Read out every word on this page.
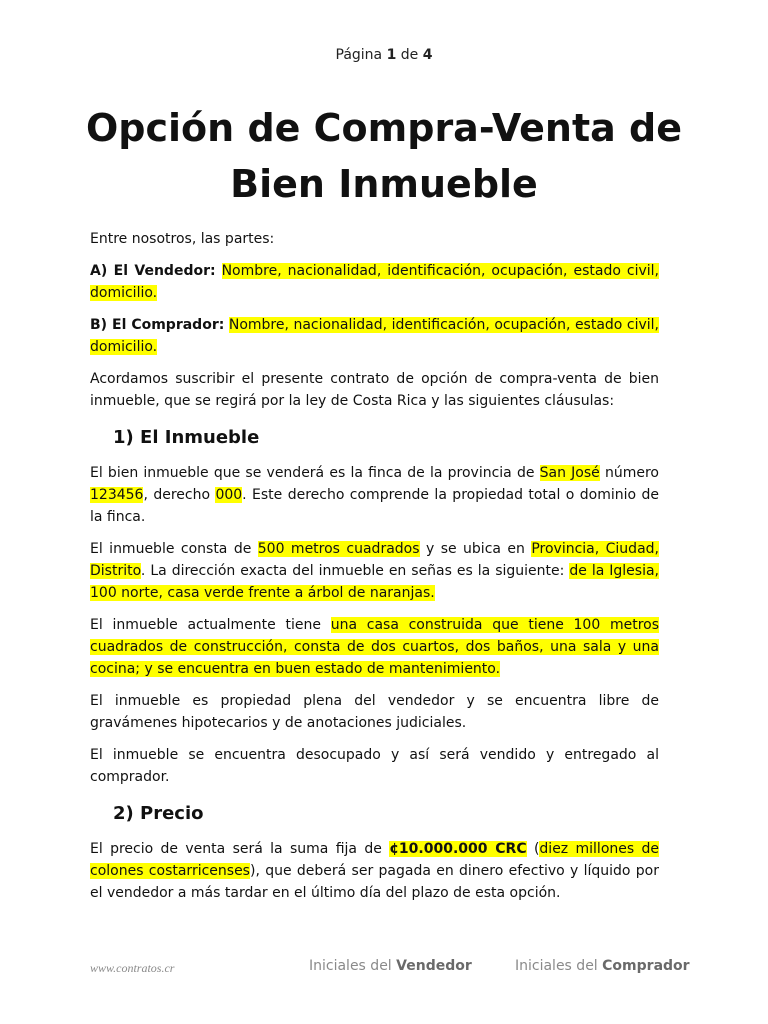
Página 1 de 4
Opción de Compra-Venta de
Bien Inmueble

Entre nosotros, las partes:

A) El Vendedor: Nombre, nacionalidad, identificación, ocupación, estado civil, domicilio.

B) El Comprador: Nombre, nacionalidad, identificación, ocupación, estado civil, domicilio.

Acordamos suscribir el presente contrato de opción de compra-venta de bien inmueble, que se regirá por la ley de Costa Rica y las siguientes cláusulas:

1) El Inmueble

El bien inmueble que se venderá es la finca de la provincia de San José número 123456, derecho 000. Este derecho comprende la propiedad total o dominio de la finca.

El inmueble consta de 500 metros cuadrados y se ubica en Provincia, Ciudad, Distrito. La dirección exacta del inmueble en señas es la siguiente: de la Iglesia, 100 norte, casa verde frente a árbol de naranjas.

El inmueble actualmente tiene una casa construida que tiene 100 metros cuadrados de construcción, consta de dos cuartos, dos baños, una sala y una cocina; y se encuentra en buen estado de mantenimiento.

El inmueble es propiedad plena del vendedor y se encuentra libre de gravámenes hipotecarios y de anotaciones judiciales.

El inmueble se encuentra desocupado y así será vendido y entregado al comprador.

2) Precio

El precio de venta será la suma fija de ¢10.000.000 CRC (diez millones de colones costarricenses), que deberá ser pagada en dinero efectivo y líquido por el vendedor a más tardar en el último día del plazo de esta opción.

www.contratos.cr	Iniciales del Vendedor	Iniciales del Comprador
